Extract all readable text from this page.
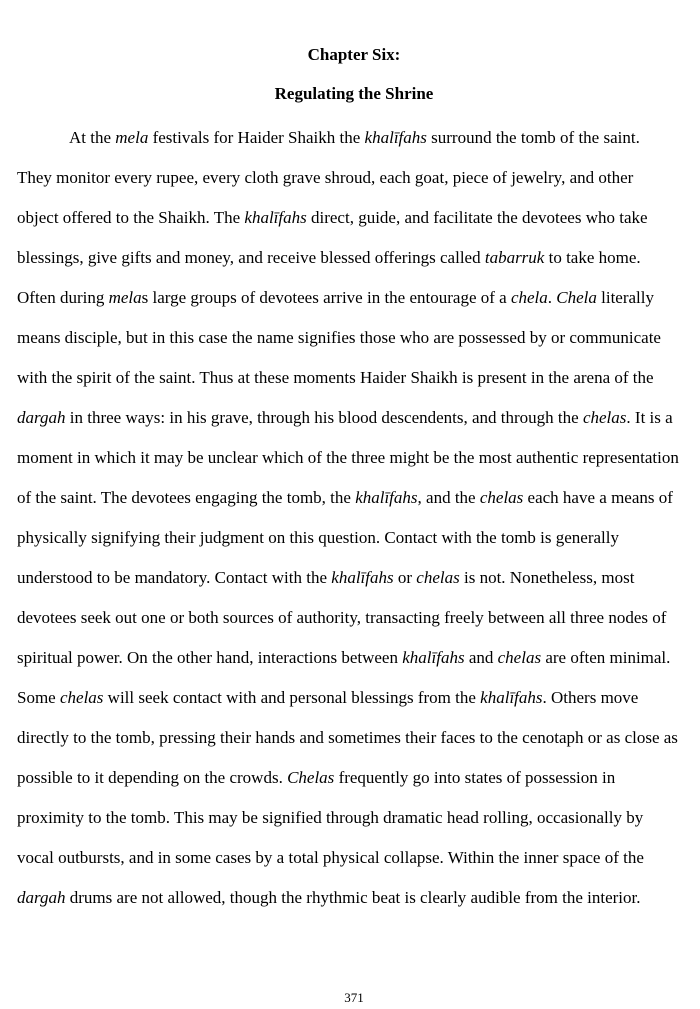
Chapter Six:
Regulating the Shrine

At the mela festivals for Haider Shaikh the khalīfahs surround the tomb of the saint.

They monitor every rupee, every cloth grave shroud, each goat, piece of jewelry, and other

object offered to the Shaikh. The khalīfahs direct, guide, and facilitate the devotees who take

blessings, give gifts and money, and receive blessed offerings called tabarruk to take home.

Often during melas large groups of devotees arrive in the entourage of a chela. Chela literally

means disciple, but in this case the name signifies those who are possessed by or communicate

with the spirit of the saint. Thus at these moments Haider Shaikh is present in the arena of the

dargah in three ways: in his grave, through his blood descendents, and through the chelas. It is a

moment in which it may be unclear which of the three might be the most authentic representation

of the saint. The devotees engaging the tomb, the khalīfahs, and the chelas each have a means of

physically signifying their judgment on this question. Contact with the tomb is generally

understood to be mandatory. Contact with the khalīfahs or chelas is not. Nonetheless, most

devotees seek out one or both sources of authority, transacting freely between all three nodes of

spiritual power. On the other hand, interactions between khalīfahs and chelas are often minimal.

Some chelas will seek contact with and personal blessings from the khalīfahs. Others move

directly to the tomb, pressing their hands and sometimes their faces to the cenotaph or as close as

possible to it depending on the crowds. Chelas frequently go into states of possession in

proximity to the tomb. This may be signified through dramatic head rolling, occasionally by

vocal outbursts, and in some cases by a total physical collapse. Within the inner space of the

dargah drums are not allowed, though the rhythmic beat is clearly audible from the interior.

371
